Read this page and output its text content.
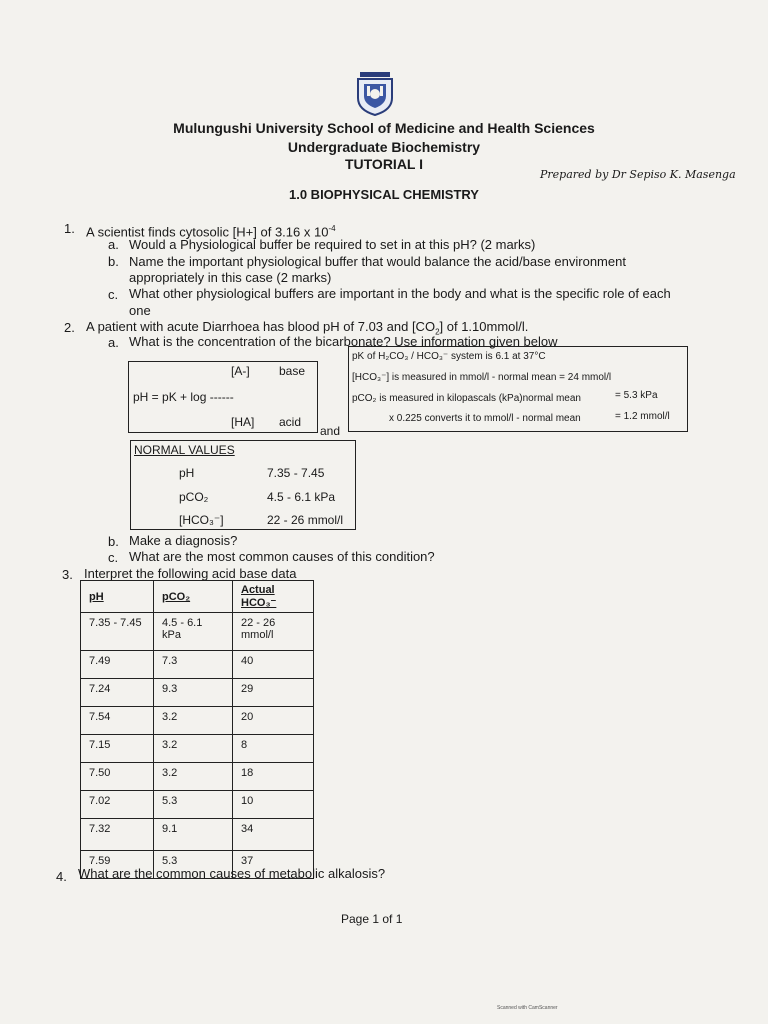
Mulungushi University School of Medicine and Health Sciences
Undergraduate Biochemistry
TUTORIAL I
Prepared by Dr Sepiso K. Masenga
1.0 BIOPHYSICAL CHEMISTRY
1. A scientist finds cytosolic [H+] of 3.16 x $10^{-4}$
a. Would a Physiological buffer be required to set in at this pH? (2 marks)
b. Name the important physiological buffer that would balance the acid/base environment
appropriately in this case (2 marks)
c. What other physiological buffers are important in the body and what is the specific role of each
one
2. A patient with acute Diarrhoea has blood pH of 7.03 and $[CO_2]$ of 1.10mmol/l.
a. What is the concentration of the bicarbonate? Use information given below
[A-] base
pH = pK + log ------
[HA] acid
and
pK of H₂CO₃ / HCO₃⁻ system is 6.1 at 37°C
[HCO₃⁻] is measured in mmol/l - normal mean = 24 mmol/l
pCO₂ is measured in kilopascals (kPa)normal mean	= 5.3 kPa
x 0.225 converts it to mmol/l - normal mean	= 1.2 mmol/l
NORMAL VALUES
pH	7.35 - 7.45
pCO₂	4.5 - 6.1 kPa
[HCO₃⁻]	22 - 26 mmol/l
b. Make a diagnosis?
c. What are the most common causes of this condition?
3. Interpret the following acid base data
pH	pCO₂	Actual HCO₃⁻
7.35 - 7.45	4.5 - 6.1 kPa	22 - 26 mmol/l
7.49	7.3	40
7.24	9.3	29
7.54	3.2	20
7.15	3.2	8
7.50	3.2	18
7.02	5.3	10
7.32	9.1	34
7.59	5.3	37
4. What are the common causes of metabolic alkalosis?
Page 1 of 1
Scanned with CamScanner
